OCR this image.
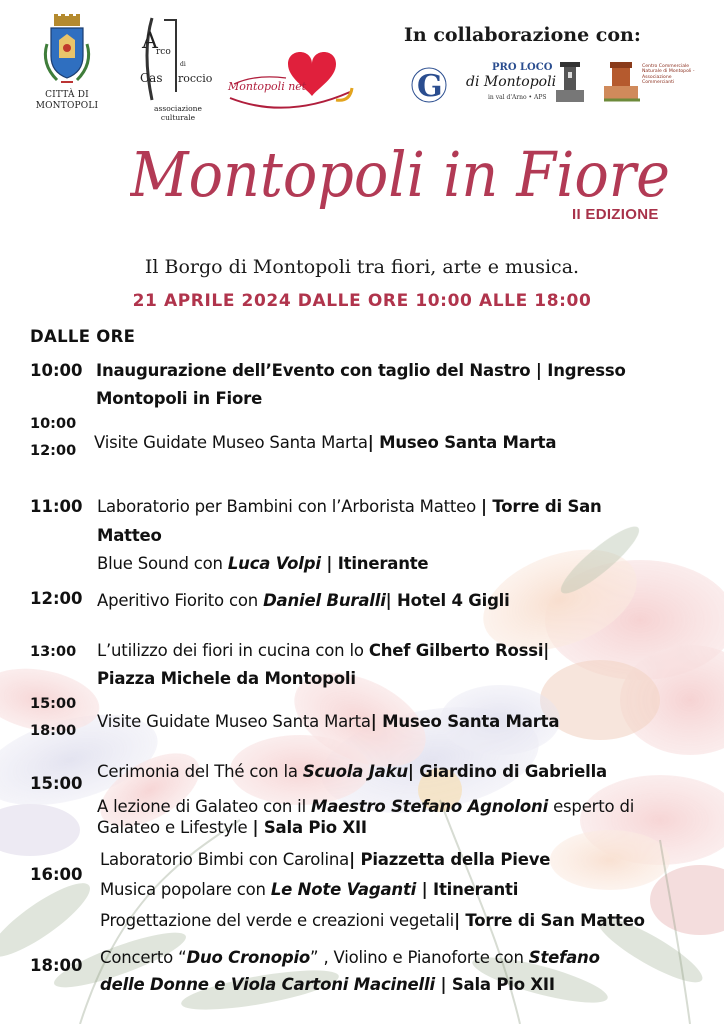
CITTÀ DI
MONTOPOLI
A
rco
di
Cas roccio
associazione culturale
Montopoli net
In collaborazione con:
G
PRO LOCO
di Montopoli
in val d'Arno • APS
Centro Commerciale Naturale di Montopoli - Associazione Commercianti
Montopoli in Fiore
II EDIZIONE
Il Borgo di Montopoli tra fiori, arte e musica.
21 APRILE 2024 DALLE ORE 10:00 ALLE 18:00
DALLE ORE
10:00 Inaugurazione dell’Evento con taglio del Nastro | Ingresso
Montopoli in Fiore
10:00
12:00 Visite Guidate Museo Santa Marta| Museo Santa Marta
11:00 Laboratorio per Bambini con l’Arborista Matteo | Torre di San
Matteo
Blue Sound con Luca Volpi | Itinerante
12:00 Aperitivo Fiorito con Daniel Buralli| Hotel 4 Gigli
13:00 L’utilizzo dei fiori in cucina con lo Chef Gilberto Rossi|
Piazza Michele da Montopoli
15:00
18:00 Visite Guidate Museo Santa Marta| Museo Santa Marta
15:00
Cerimonia del Thé con la Scuola Jaku| Giardino di Gabriella
A lezione di Galateo con il Maestro Stefano Agnoloni esperto di
Galateo e Lifestyle | Sala Pio XII
16:00
Laboratorio Bimbi con Carolina| Piazzetta della Pieve
Musica popolare con Le Note Vaganti | Itineranti
Progettazione del verde e creazioni vegetali| Torre di San Matteo
18:00 Concerto “Duo Cronopio” , Violino e Pianoforte con Stefano
delle Donne e Viola Cartoni Macinelli | Sala Pio XII
